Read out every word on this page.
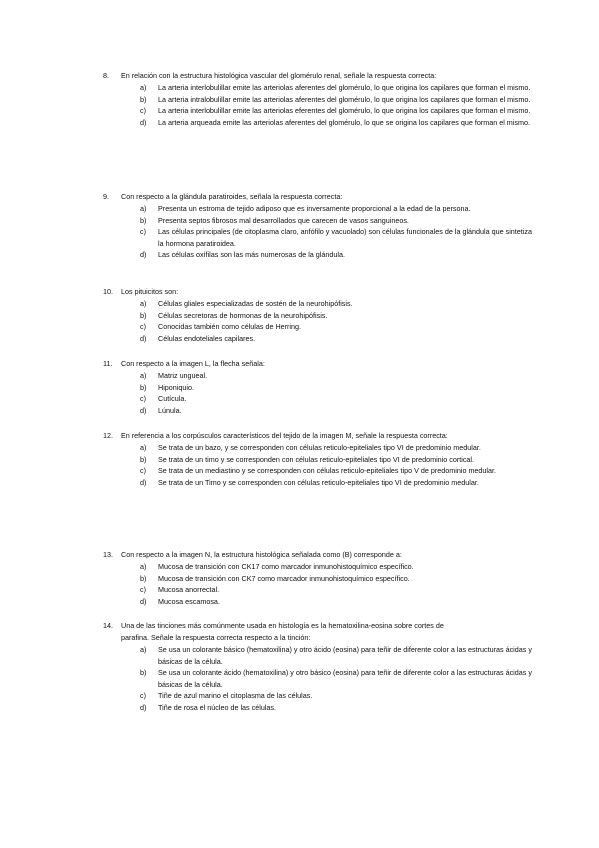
8.	En relación con la estructura histológica vascular del glomérulo renal, señale la respuesta correcta:
a)	La arteria interlobulillar emite las arteriolas aferentes del glomérulo, lo que origina los capilares que forman el mismo.
b)	La arteria intralobulillar emite las arteriolas aferentes del glomérulo, lo que origina los capilares que forman el mismo.
c)	La arteria interlobulillar emite las arteriolas eferentes del glomérulo, lo que origina los capilares que forman el mismo.
d)	La arteria arqueada emite las arteriolas aferentes del glomérulo, lo que se origina los capilares que forman el mismo.
9.	Con respecto a la glándula paratiroides, señala la respuesta correcta:
a)	Presenta un estroma de tejido adiposo que es inversamente proporcional a la edad de la persona.
b)	Presenta septos fibrosos mal desarrollados que carecen de vasos sanguineos.
c)	Las células principales (de citoplasma claro, anfófilo y vacuolado) son células funcionales de la glándula que sintetiza la hormona paratiroidea.
d)	Las células oxífilas son las más numerosas de la glándula.
10.	Los pituicitos son:
a)	Células gliales especializadas de sostén de la neurohipófisis.
b)	Células secretoras de hormonas de la neurohipófisis.
c)	Conocidas también como células de Herring.
d)	Células endoteliales capilares.
11.	Con respecto a la imagen L, la flecha señala:
a)	Matriz ungueal.
b)	Hiponiquio.
c)	Cutícula.
d)	Lúnula.
12.	En referencia a los corpúsculos característicos del tejido de la imagen M, señale la respuesta correcta:
a)	Se trata de un bazo, y se corresponden con células reticulo-epiteliales tipo VI de predominio medular.
b)	Se trata de un timo y se corresponden con células reticulo-epiteliales tipo VI de predominio cortical.
c)	Se trata de un mediastino y se corresponden con células reticulo-epiteliales tipo V de predominio medular.
d)	Se trata de un Timo y se corresponden con células reticulo-epiteliales tipo VI de predominio medular.
13.	Con respecto a la imagen N, la estructura histológica señalada como (B) corresponde a:
a)	Mucosa de transición con CK17 como marcador inmunohistoquímico específico.
b)	Mucosa de transición con CK7 como marcador inmunohistoquímico específico.
c)	Mucosa anorrectal.
d)	Mucosa escamosa.
14.	Una de las tinciones más comúnmente usada en histología es la hematoxilina-eosina sobre cortes de
parafina. Señale la respuesta correcta respecto a la tinción:
a)	Se usa un colorante básico (hematoxilina) y otro ácido (eosina) para teñir de diferente color a las estructuras ácidas y básicas de la célula.
b)	Se usa un colorante ácido (hematoxilina) y otro básico (eosina) para teñir de diferente color a las estructuras ácidas y básicas de la célula.
c)	Tiñe de azul marino el citoplasma de las células.
d)	Tiñe de rosa el núcleo de las células.
